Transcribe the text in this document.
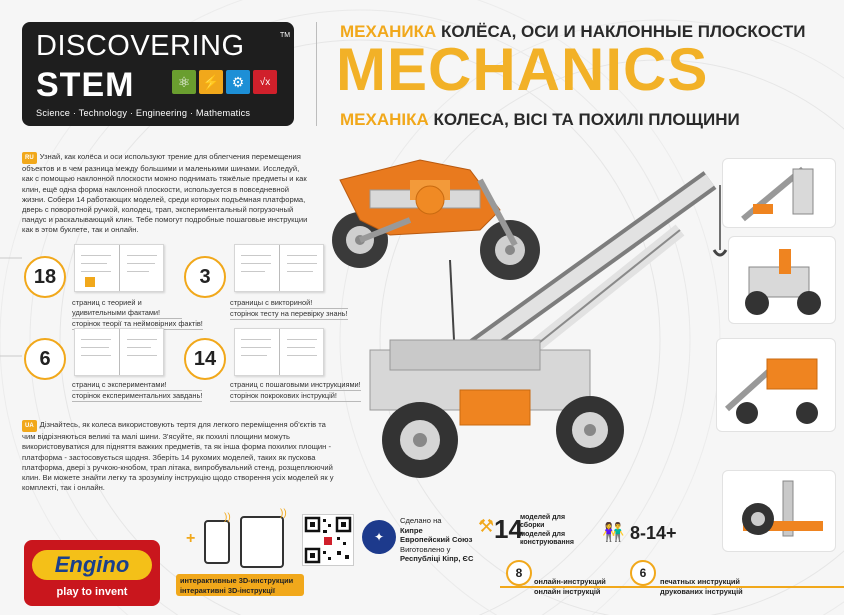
DISCOVERING	TM
STEM	⚛ ⚡ ⚙	√x
Science · Technology · Engineering · Mathematics
МЕХАНИКА КОЛЁСА, ОСИ И НАКЛОННЫЕ ПЛОСКОСТИ
MECHANICS
МЕХАНІКА КОЛЕСА, ВІСІ ТА ПОХИЛІ ПЛОЩИНИ
RU Узнай, как колёса и оси используют трение для облегчения перемещения объектов и в чем разница между большими и маленькими шинами. Исследуй, как с помощью наклонной плоскости можно поднимать тяжёлые предметы и как клин, ещё одна форма наклонной плоскости, используется в повседневной жизни. Собери 14 работающих моделей, среди которых подъёмная платформа, дверь с поворотной ручкой, колодец, трап, экспериментальный погрузочный пандус и раскалывающий клин. Тебе помогут подробные пошаговые инструкции как в этом буклете, так и онлайн.
18
страниц с теорией и удивительными фактами!
сторінок теорії та неймовірних фактів!
3
страницы с викториной!
сторінок тесту на перевірку знань!
6
страниц с экспериментами!
сторінок експериментальних завдань!
14
страниц с пошаговыми инструкциями!
сторінок покрокових інструкцій!
UA Дізнайтесь, як колеса використовують тертя для легкого переміщення об'єктів та чим відрізняються великі та малі шини. З'ясуйте, як похилі площини можуть використовуватися для підняття важких предметів, та як інша форма похилих площин - платформа - застосовується щодня. Зберіть 14 рухомих моделей, таких як пускова платформа, двері з ручкою-кнобом, трап літака, випробувальний стенд, розщеплюючий клин. Ви можете знайти легку та зрозумілу інструкцію щодо створення усіх моделей як у комплекті, так і онлайн.
Engino
play to invent
+
))	))
✦
Сделано на
Кипре
Европейский Союз
Виготовлено у
Республіці Кіпр, ЄС
⚒ 14
моделей для сборки
моделей для конструювання
👫 8-14+
интерактивные 3D-инструкции
інтерактивні 3D-інструкції
8
онлайн-инструкций
онлайн інструкцій
6
печатных инструкций
друкованих інструкцій
